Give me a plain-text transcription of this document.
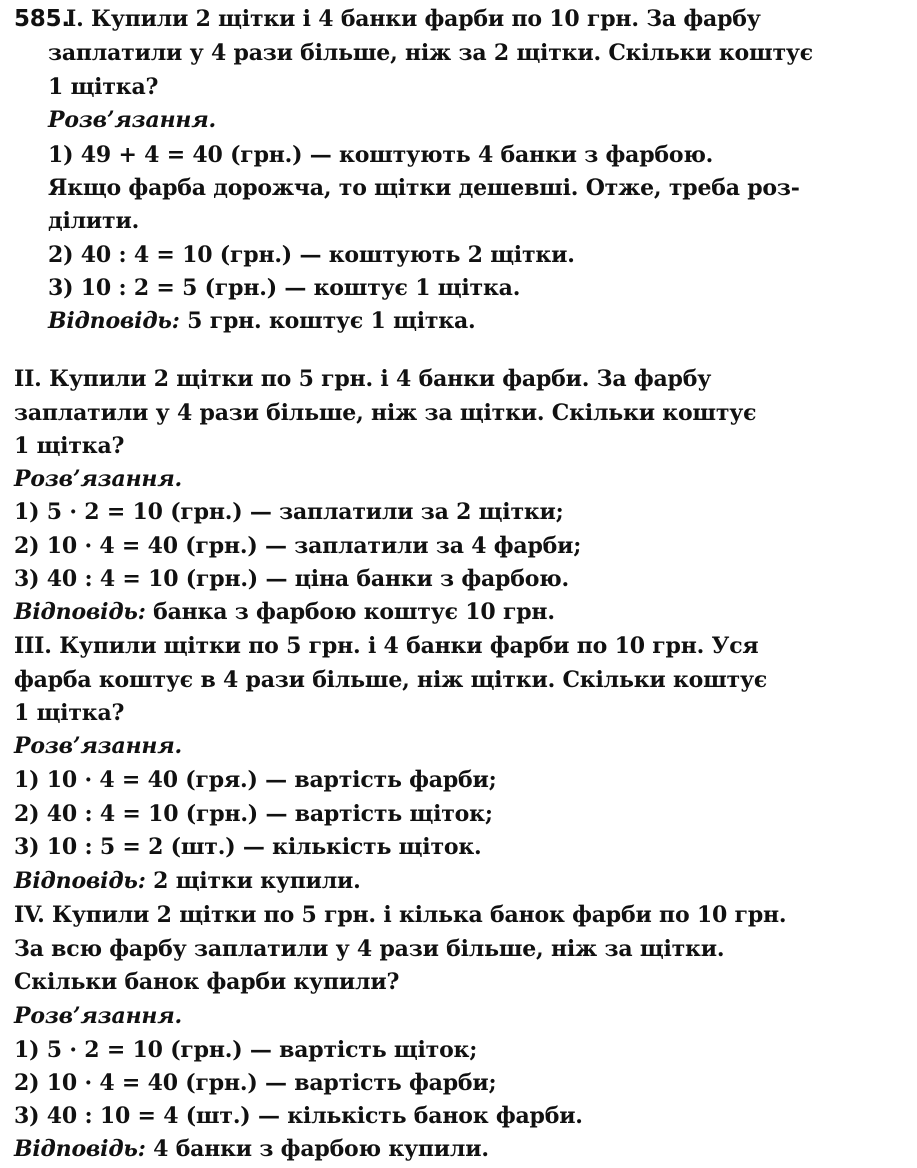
585.I. Купили 2 щітки і 4 банки фарби по 10 грн. За фарбу
заплатили у 4 рази більше, ніж за 2 щітки. Скільки коштує
1 щітка?
Розв’язання.
1) 49 + 4 = 40 (грн.) — коштують 4 банки з фарбою.
Якщо фарба дорожча, то щітки дешевші. Отже, треба роз-
ділити.
2) 40 : 4 = 10 (грн.) — коштують 2 щітки.
3) 10 : 2 = 5 (грн.) — коштує 1 щітка.
Відповідь: 5 грн. коштує 1 щітка.
II. Купили 2 щітки по 5 грн. і 4 банки фарби. За фарбу
заплатили у 4 рази більше, ніж за щітки. Скільки коштує
1 щітка?
Розв’язання.
1) 5 · 2 = 10 (грн.) — заплатили за 2 щітки;
2) 10 · 4 = 40 (грн.) — заплатили за 4 фарби;
3) 40 : 4 = 10 (грн.) — ціна банки з фарбою.
Відповідь: банка з фарбою коштує 10 грн.
III. Купили щітки по 5 грн. і 4 банки фарби по 10 грн. Уся
фарба коштує в 4 рази більше, ніж щітки. Скільки коштує
1 щітка?
Розв’язання.
1) 10 · 4 = 40 (гря.) — вартість фарби;
2) 40 : 4 = 10 (грн.) — вартість щіток;
3) 10 : 5 = 2 (шт.) — кількість щіток.
Відповідь: 2 щітки купили.
IV. Купили 2 щітки по 5 грн. і кілька банок фарби по 10 грн.
За всю фарбу заплатили у 4 рази більше, ніж за щітки.
Скільки банок фарби купили?
Розв’язання.
1) 5 · 2 = 10 (грн.) — вартість щіток;
2) 10 · 4 = 40 (грн.) — вартість фарби;
3) 40 : 10 = 4 (шт.) — кількість банок фарби.
Відповідь: 4 банки з фарбою купили.
